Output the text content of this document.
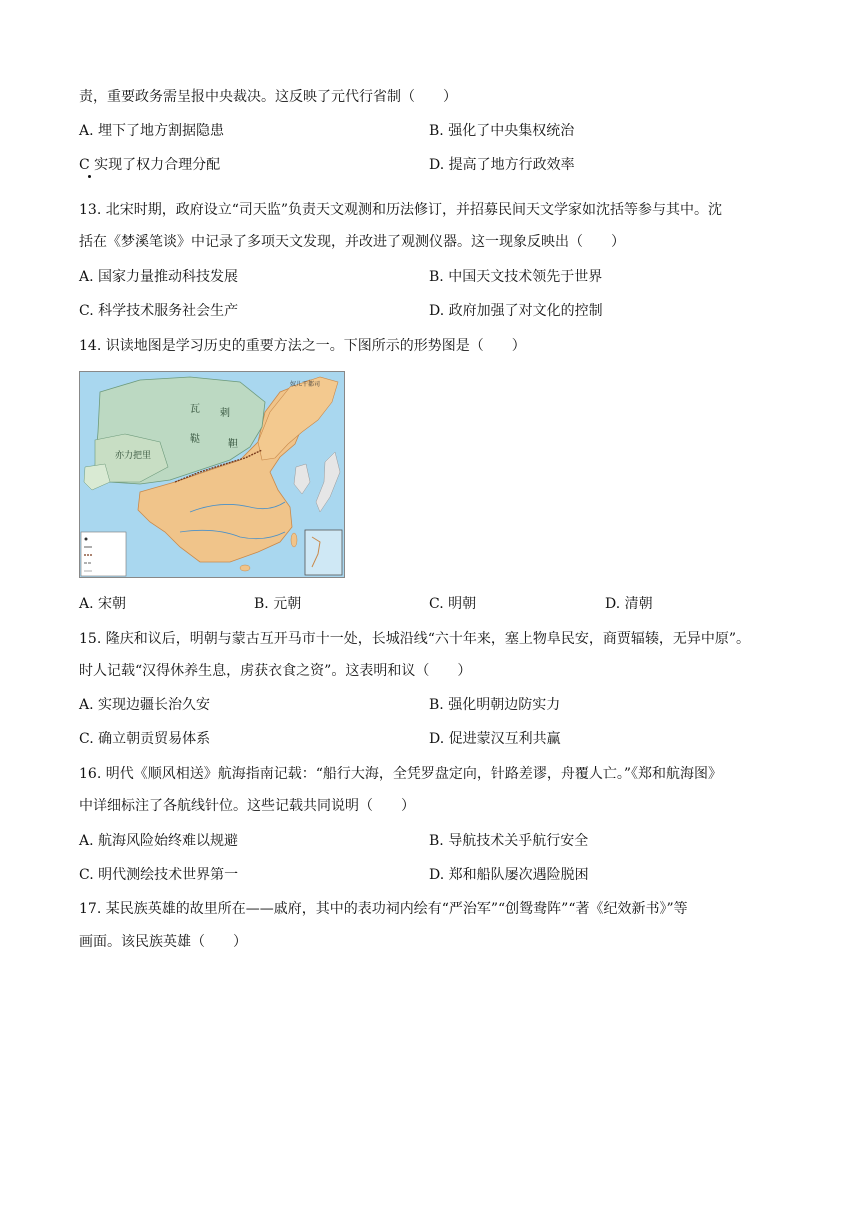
责，重要政务需呈报中央裁决。这反映了元代行省制（　　）
A. 埋下了地方割据隐患	B. 强化了中央集权统治
C 实现了权力合理分配	D. 提高了地方行政效率
13. 北宋时期，政府设立“司天监”负责天文观测和历法修订，并招募民间天文学家如沈括等参与其中。沈
括在《梦溪笔谈》中记录了多项天文发现，并改进了观测仪器。这一现象反映出（　　）
A. 国家力量推动科技发展	B. 中国天文技术领先于世界
C. 科学技术服务社会生产	D. 政府加强了对文化的控制
14. 识读地图是学习历史的重要方法之一。下图所示的形势图是（　　）
瓦 剌
鞑	靼
亦力把里
奴儿干都司
A. 宋朝	B. 元朝	C. 明朝	D. 清朝
15. 隆庆和议后，明朝与蒙古互开马市十一处，长城沿线“六十年来，塞上物阜民安，商贾辐辏，无异中原”。
时人记载“汉得休养生息，虏获衣食之资”。这表明和议（　　）
A. 实现边疆长治久安	B. 强化明朝边防实力
C. 确立朝贡贸易体系	D. 促进蒙汉互利共赢
16. 明代《顺风相送》航海指南记载：“船行大海，全凭罗盘定向，针路差谬，舟覆人亡。”《郑和航海图》
中详细标注了各航线针位。这些记载共同说明（　　）
A. 航海风险始终难以规避	B. 导航技术关乎航行安全
C. 明代测绘技术世界第一	D. 郑和船队屡次遇险脱困
17. 某民族英雄的故里所在——戚府，其中的表功祠内绘有“严治军”“创鸳鸯阵”“著《纪效新书》”等
画面。该民族英雄（　　）
